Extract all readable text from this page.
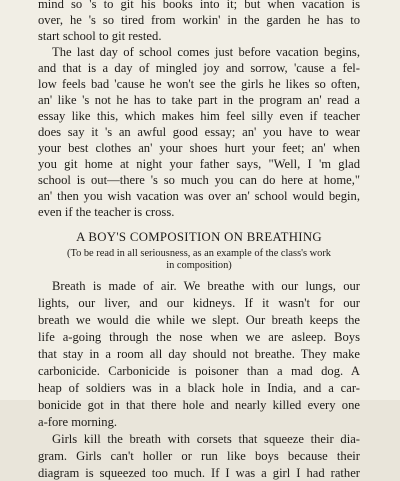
mind so 's to git his books into it; but when vacation is
over, he 's so tired from workin' in the garden he has to
start school to git rested.
The last day of school comes just before vacation begins,
and that is a day of mingled joy and sorrow, 'cause a fel-
low feels bad 'cause he won't see the girls he likes so often,
an' like 's not he has to take part in the program an' read a
essay like this, which makes him feel silly even if teacher
does say it 's an awful good essay; an' you have to wear
your best clothes an' your shoes hurt your feet; an' when
you git home at night your father says, "Well, I 'm glad
school is out—there 's so much you can do here at home,"
an' then you wish vacation was over an' school would begin,
even if the teacher is cross.
A BOY'S COMPOSITION ON BREATHING
(To be read in all seriousness, as an example of the class's work
in composition)
Breath is made of air. We breathe with our lungs, our
lights, our liver, and our kidneys. If it wasn't for our
breath we would die while we slept. Our breath keeps the
life a-going through the nose when we are asleep. Boys
that stay in a room all day should not breathe. They make
carbonicide. Carbonicide is poisoner than a mad dog. A
heap of soldiers was in a black hole in India, and a car-
bonicide got in that there hole and nearly killed every one
a-fore morning.
Girls kill the breath with corsets that squeeze their dia-
gram. Girls can't holler or run like boys because their
diagram is squeezed too much. If I was a girl I had rather
